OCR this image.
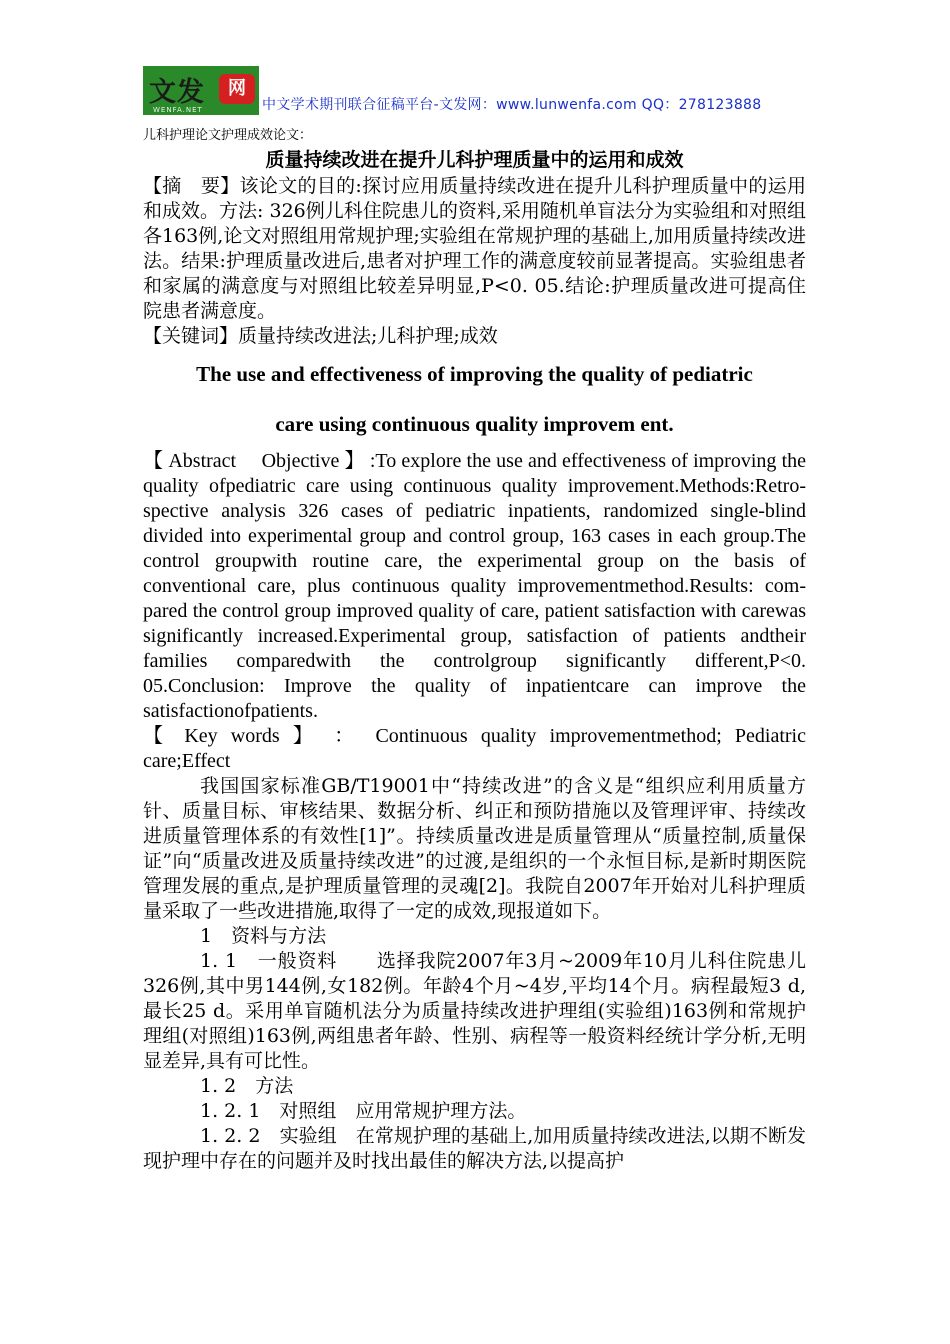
文发	网
WENFA.NET	中文学术期刊联合征稿平台-文发网：www.lunwenfa.com QQ：278123888

儿科护理论文护理成效论文：

质量持续改进在提升儿科护理质量中的运用和成效

【摘　要】该论文的目的:探讨应用质量持续改进在提升儿科护理质量中的运用和成效。方法: 326例儿科住院患儿的资料,采用随机单盲法分为实验组和对照组各163例,论文对照组用常规护理;实验组在常规护理的基础上,加用质量持续改进法。结果:护理质量改进后,患者对护理工作的满意度较前显著提高。实验组患者和家属的满意度与对照组比较差异明显,P<0. 05.结论:护理质量改进可提高住院患者满意度。

【关键词】质量持续改进法;儿科护理;成效

The use and effectiveness of improving the quality of pediatric

care using continuous quality improvem ent.

【 Abstract　 Objective 】 :To explore the use and effectiveness of improving the quality ofpediatric care using continuous quality improvement.Methods:Retro-spective analysis 326 cases of pediatric inpatients, randomized single-blind divided into experimental group and control group, 163 cases in each group.The control groupwith routine care, the experimental group on the basis of conventional care, plus continuous quality improvementmethod.Results: com-pared the control group improved quality of care, patient satisfaction with carewas significantly increased.Experimental group, satisfaction of patients andtheir families comparedwith the controlgroup significantly different,P<0. 05.Conclusion: Improve the quality of inpatientcare can improve the satisfactionofpatients.

【 Key words 】 ： Continuous quality improvementmethod; Pediatric care;Effect

我国国家标准GB/T19001中“持续改进”的含义是“组织应利用质量方针、质量目标、审核结果、数据分析、纠正和预防措施以及管理评审、持续改进质量管理体系的有效性[1]”。持续质量改进是质量管理从“质量控制,质量保证”向“质量改进及质量持续改进”的过渡,是组织的一个永恒目标,是新时期医院管理发展的重点,是护理质量管理的灵魂[2]。我院自2007年开始对儿科护理质量采取了一些改进措施,取得了一定的成效,现报道如下。

1　资料与方法

1. 1　一般资料　　选择我院2007年3月~2009年10月儿科住院患儿326例,其中男144例,女182例。年龄4个月~4岁,平均14个月。病程最短3 d,最长25 d。采用单盲随机法分为质量持续改进护理组(实验组)163例和常规护理组(对照组)163例,两组患者年龄、性别、病程等一般资料经统计学分析,无明显差异,具有可比性。

1. 2　方法

1. 2. 1　对照组　应用常规护理方法。

1. 2. 2　实验组　在常规护理的基础上,加用质量持续改进法,以期不断发现护理中存在的问题并及时找出最佳的解决方法,以提高护
